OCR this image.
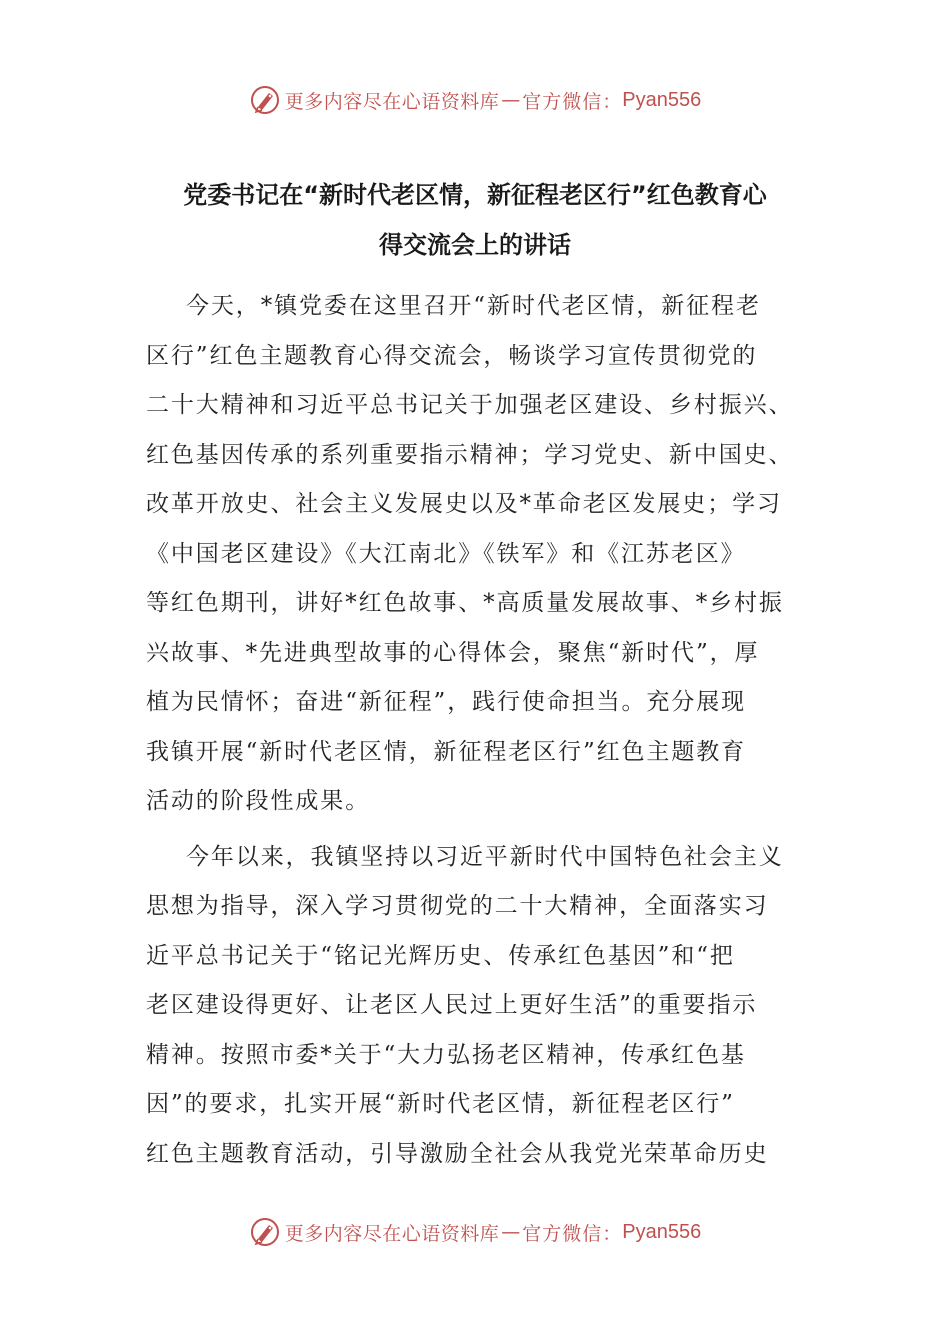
更多内容尽在心语资料库 — 官方微信： Pyan556
党委书记在“新时代老区情，新征程老区行”红色教育心
得交流会上的讲话

今天，*镇党委在这里召开“新时代老区情，新征程老
区行”红色主题教育心得交流会，畅谈学习宣传贯彻党的
二十大精神和习近平总书记关于加强老区建设、乡村振兴、
红色基因传承的系列重要指示精神；学习党史、新中国史、
改革开放史、社会主义发展史以及*革命老区发展史；学习
《中国老区建设》《大江南北》《铁军》和《江苏老区》
等红色期刊，讲好*红色故事、*高质量发展故事、*乡村振
兴故事、*先进典型故事的心得体会，聚焦“新时代”，厚
植为民情怀；奋进“新征程”，践行使命担当。充分展现
我镇开展“新时代老区情，新征程老区行”红色主题教育
活动的阶段性成果。

今年以来，我镇坚持以习近平新时代中国特色社会主义
思想为指导，深入学习贯彻党的二十大精神，全面落实习
近平总书记关于“铭记光辉历史、传承红色基因”和“把
老区建设得更好、让老区人民过上更好生活”的重要指示
精神。按照市委*关于“大力弘扬老区精神，传承红色基
因”的要求，扎实开展“新时代老区情，新征程老区行”
红色主题教育活动，引导激励全社会从我党光荣革命历史

更多内容尽在心语资料库 — 官方微信： Pyan556
